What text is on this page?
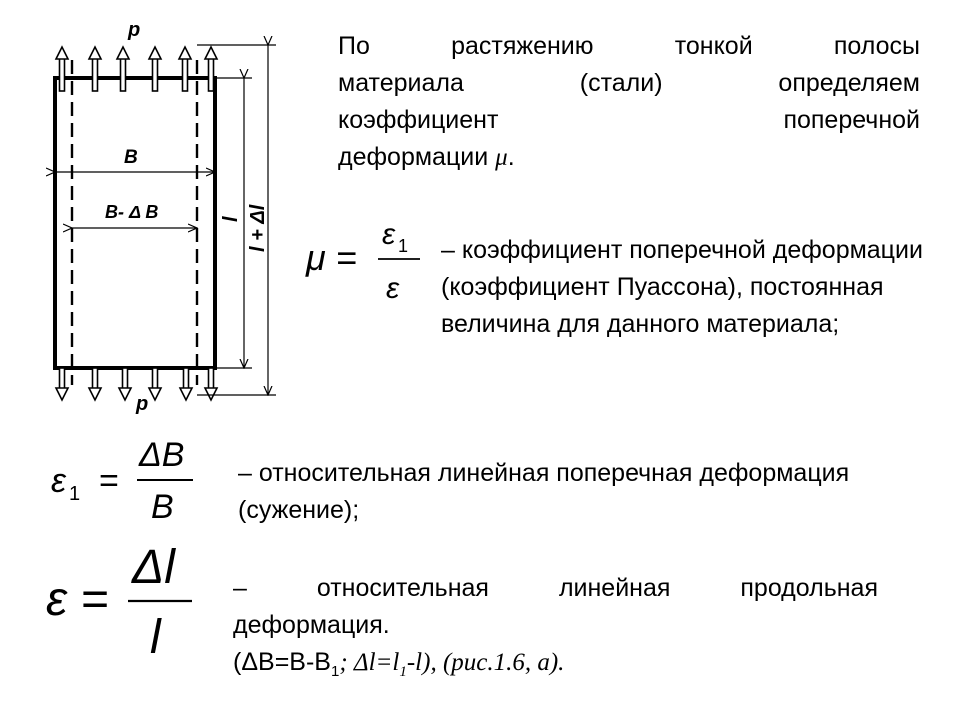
p
p
B
B- Δ B	l l + Δl
По	растяжению	тонкой	полосы
материала	(стали)	определяем
коэффициент	поперечной
деформации μ.
μ =
ε 1
ε
– коэффициент поперечной деформации (коэффициент Пуассона), постоянная величина для данного материала;
ε 1 =
ΔB
B
– относительная линейная поперечная деформация (сужение);
ε =
Δl
l
–	относительная	линейная	продольная
деформация.
($\Delta B=B-B_1$; $\Delta l=l_1-l$), (рис.1.6, а).
